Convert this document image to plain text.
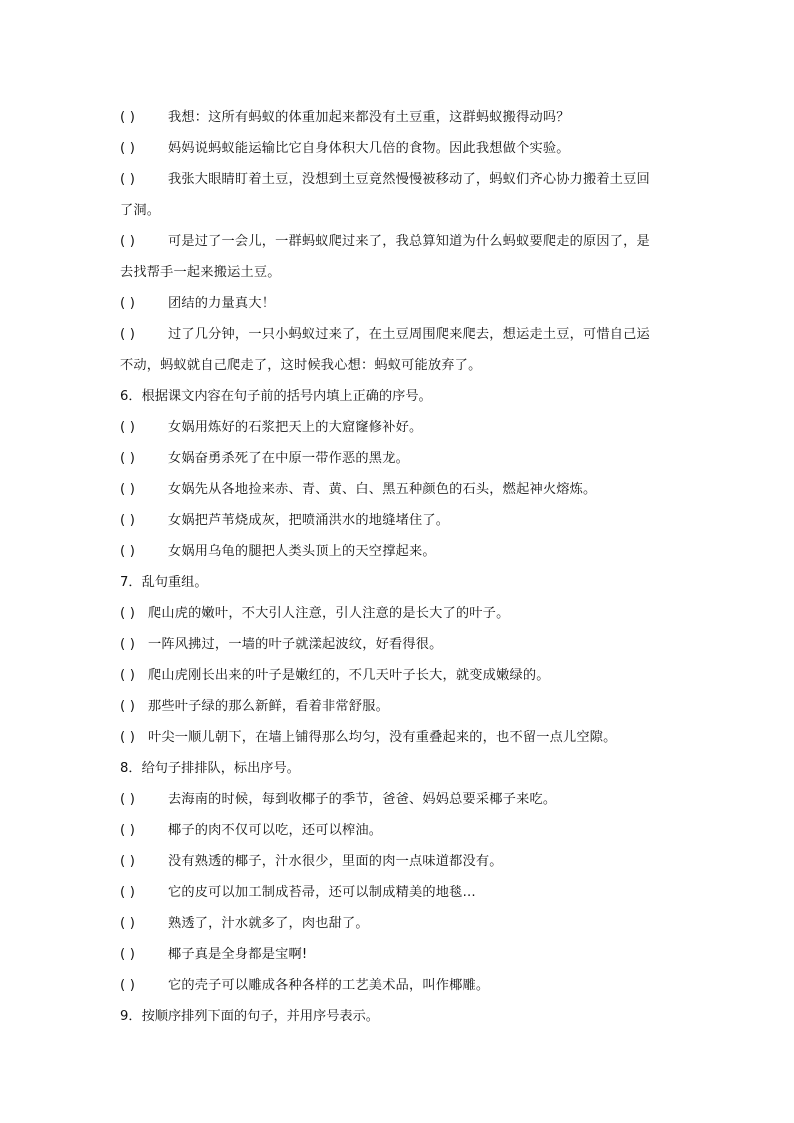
( ) 我想：这所有蚂蚁的体重加起来都没有土豆重，这群蚂蚁搬得动吗？
( ) 妈妈说蚂蚁能运输比它自身体积大几倍的食物。因此我想做个实验。
( ) 我张大眼睛盯着土豆，没想到土豆竟然慢慢被移动了，蚂蚁们齐心协力搬着土豆回
了洞。
( ) 可是过了一会儿，一群蚂蚁爬过来了，我总算知道为什么蚂蚁要爬走的原因了，是
去找帮手一起来搬运土豆。
( ) 团结的力量真大！
( ) 过了几分钟，一只小蚂蚁过来了，在土豆周围爬来爬去，想运走土豆，可惜自己运
不动，蚂蚁就自己爬走了，这时候我心想：蚂蚁可能放弃了。
6．根据课文内容在句子前的括号内填上正确的序号。
( ) 女娲用炼好的石浆把天上的大窟窿修补好。
( ) 女娲奋勇杀死了在中原一带作恶的黑龙。
( ) 女娲先从各地捡来赤、青、黄、白、黑五种颜色的石头，燃起神火熔炼。
( ) 女娲把芦苇烧成灰，把喷涌洪水的地缝堵住了。
( ) 女娲用乌龟的腿把人类头顶上的天空撑起来。
7．乱句重组。
( ) 爬山虎的嫩叶，不大引人注意，引人注意的是长大了的叶子。
( ) 一阵风拂过，一墙的叶子就漾起波纹，好看得很。
( ) 爬山虎刚长出来的叶子是嫩红的，不几天叶子长大，就变成嫩绿的。
( ) 那些叶子绿的那么新鲜，看着非常舒服。
( ) 叶尖一顺儿朝下，在墙上铺得那么均匀，没有重叠起来的，也不留一点儿空隙。
8．给句子排排队，标出序号。
( ) 去海南的时候，每到收椰子的季节，爸爸、妈妈总要采椰子来吃。
( ) 椰子的肉不仅可以吃，还可以榨油。
( ) 没有熟透的椰子，汁水很少，里面的肉一点味道都没有。
( ) 它的皮可以加工制成苔帚，还可以制成精美的地毯…
( ) 熟透了，汁水就多了，肉也甜了。
( ) 椰子真是全身都是宝啊!
( ) 它的壳子可以雕成各种各样的工艺美术品，叫作椰雕。
9．按顺序排列下面的句子，并用序号表示。
